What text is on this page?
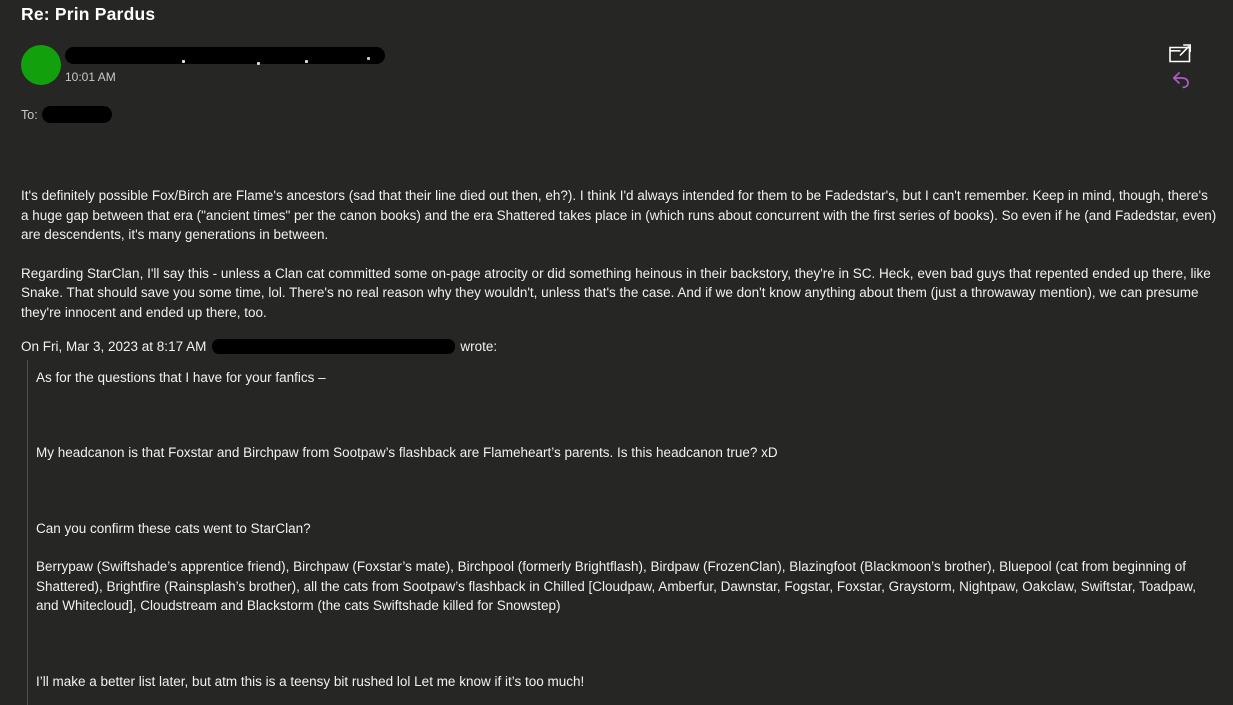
Re: Prin Pardus
10:01 AM
To:

It's definitely possible Fox/Birch are Flame's ancestors (sad that their line died out then, eh?). I think I'd always intended for them to be Fadedstar's, but I can't remember. Keep in mind, though, there's a huge gap between that era ("ancient times" per the canon books) and the era Shattered takes place in (which runs about concurrent with the first series of books). So even if he (and Fadedstar, even) are descendents, it's many generations in between.

Regarding StarClan, I'll say this - unless a Clan cat committed some on-page atrocity or did something heinous in their backstory, they're in SC. Heck, even bad guys that repented ended up there, like Snake. That should save you some time, lol. There's no real reason why they wouldn't, unless that's the case. And if we don't know anything about them (just a throwaway mention), we can presume they're innocent and ended up there, too.

On Fri, Mar 3, 2023 at 8:17 AM	wrote:

As for the questions that I have for your fanfics –

My headcanon is that Foxstar and Birchpaw from Sootpaw’s flashback are Flameheart’s parents. Is this headcanon true? xD

Can you confirm these cats went to StarClan?

Berrypaw (Swiftshade’s apprentice friend), Birchpaw (Foxstar’s mate), Birchpool (formerly Brightflash), Birdpaw (FrozenClan), Blazingfoot (Blackmoon’s brother), Bluepool (cat from beginning of Shattered), Brightfire (Rainsplash’s brother), all the cats from Sootpaw’s flashback in Chilled [Cloudpaw, Amberfur, Dawnstar, Fogstar, Foxstar, Graystorm, Nightpaw, Oakclaw, Swiftstar, Toadpaw, and Whitecloud], Cloudstream and Blackstorm (the cats Swiftshade killed for Snowstep)

I’ll make a better list later, but atm this is a teensy bit rushed lol Let me know if it’s too much!
